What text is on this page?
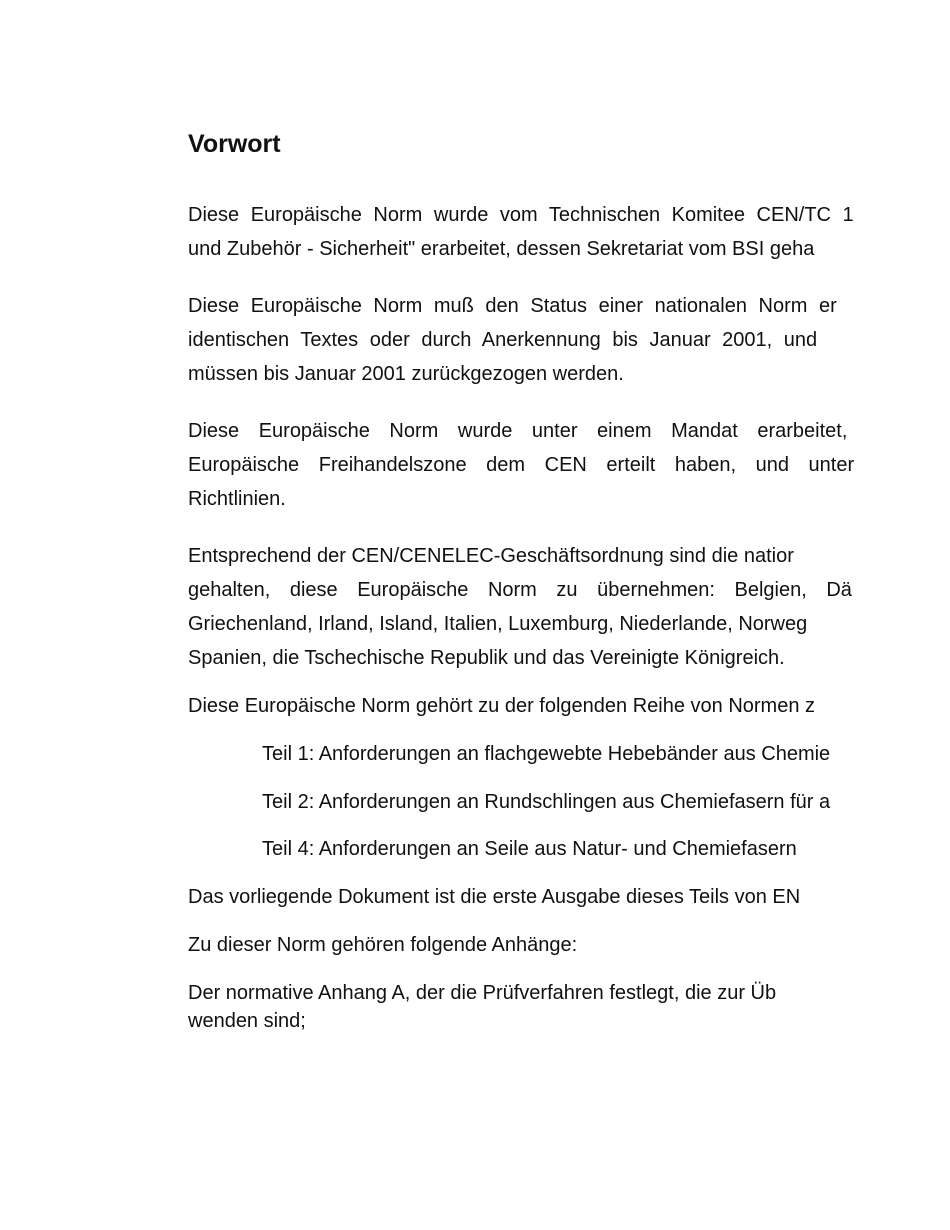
Vorwort
Diese Europäische Norm wurde vom Technischen Komitee CEN/TC 1
und Zubehör - Sicherheit" erarbeitet, dessen Sekretariat vom BSI geha
Diese Europäische Norm muß den Status einer nationalen Norm er
identischen Textes oder durch Anerkennung bis Januar 2001, und
müssen bis Januar 2001 zurückgezogen werden.
Diese Europäische Norm wurde unter einem Mandat erarbeitet,
Europäische Freihandelszone dem CEN erteilt haben, und unter
Richtlinien.
Entsprechend der CEN/CENELEC-Geschäftsordnung sind die natior
gehalten, diese Europäische Norm zu übernehmen: Belgien, Dä
Griechenland, Irland, Island, Italien, Luxemburg, Niederlande, Norweg
Spanien, die Tschechische Republik und das Vereinigte Königreich.
Diese Europäische Norm gehört zu der folgenden Reihe von Normen z
Teil 1: Anforderungen an flachgewebte Hebebänder aus Chemie
Teil 2: Anforderungen an Rundschlingen aus Chemiefasern für a
Teil 4: Anforderungen an Seile aus Natur- und Chemiefasern
Das vorliegende Dokument ist die erste Ausgabe dieses Teils von EN
Zu dieser Norm gehören folgende Anhänge:
Der normative Anhang A, der die Prüfverfahren festlegt, die zur Üb
wenden sind;
